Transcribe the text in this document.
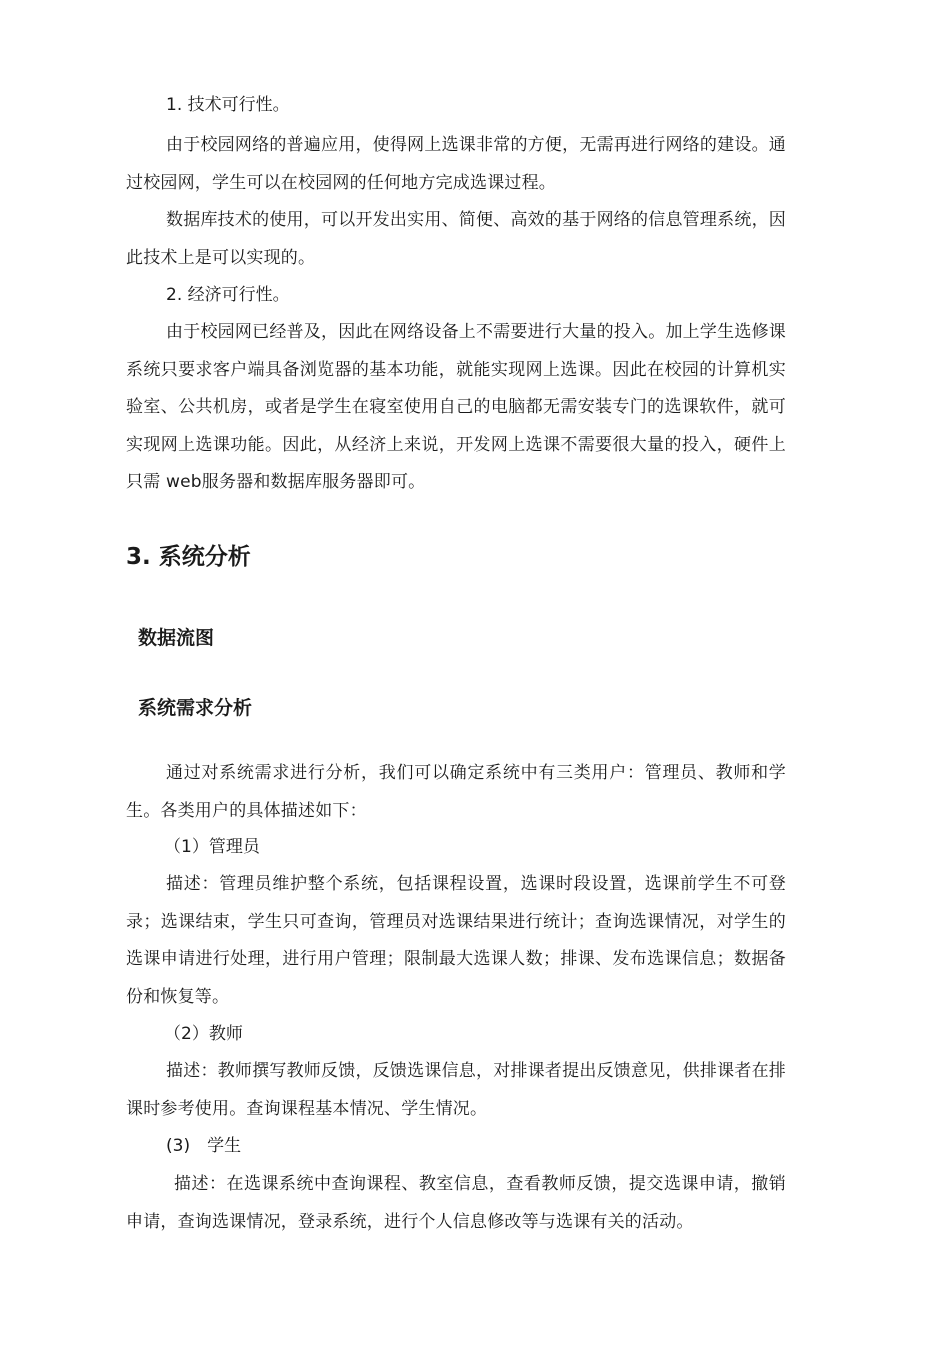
1. 技术可行性。

由于校园网络的普遍应用，使得网上选课非常的方便，无需再进行网络的建设。通过校园网，学生可以在校园网的任何地方完成选课过程。

数据库技术的使用，可以开发出实用、简便、高效的基于网络的信息管理系统，因此技术上是可以实现的。

2. 经济可行性。

由于校园网已经普及，因此在网络设备上不需要进行大量的投入。加上学生选修课系统只要求客户端具备浏览器的基本功能，就能实现网上选课。因此在校园的计算机实验室、公共机房，或者是学生在寝室使用自己的电脑都无需安装专门的选课软件，就可实现网上选课功能。因此，从经济上来说，开发网上选课不需要很大量的投入，硬件上只需 web服务器和数据库服务器即可。

3. 系统分析
数据流图
系统需求分析

通过对系统需求进行分析，我们可以确定系统中有三类用户：管理员、教师和学生。各类用户的具体描述如下：

（1）管理员

描述：管理员维护整个系统，包括课程设置，选课时段设置，选课前学生不可登录；选课结束，学生只可查询，管理员对选课结果进行统计；查询选课情况，对学生的选课申请进行处理，进行用户管理；限制最大选课人数；排课、发布选课信息；数据备份和恢复等。

（2）教师

描述：教师撰写教师反馈，反馈选课信息，对排课者提出反馈意见，供排课者在排课时参考使用。查询课程基本情况、学生情况。

(3)　学生

描述：在选课系统中查询课程、教室信息，查看教师反馈，提交选课申请，撤销申请，查询选课情况，登录系统，进行个人信息修改等与选课有关的活动。
